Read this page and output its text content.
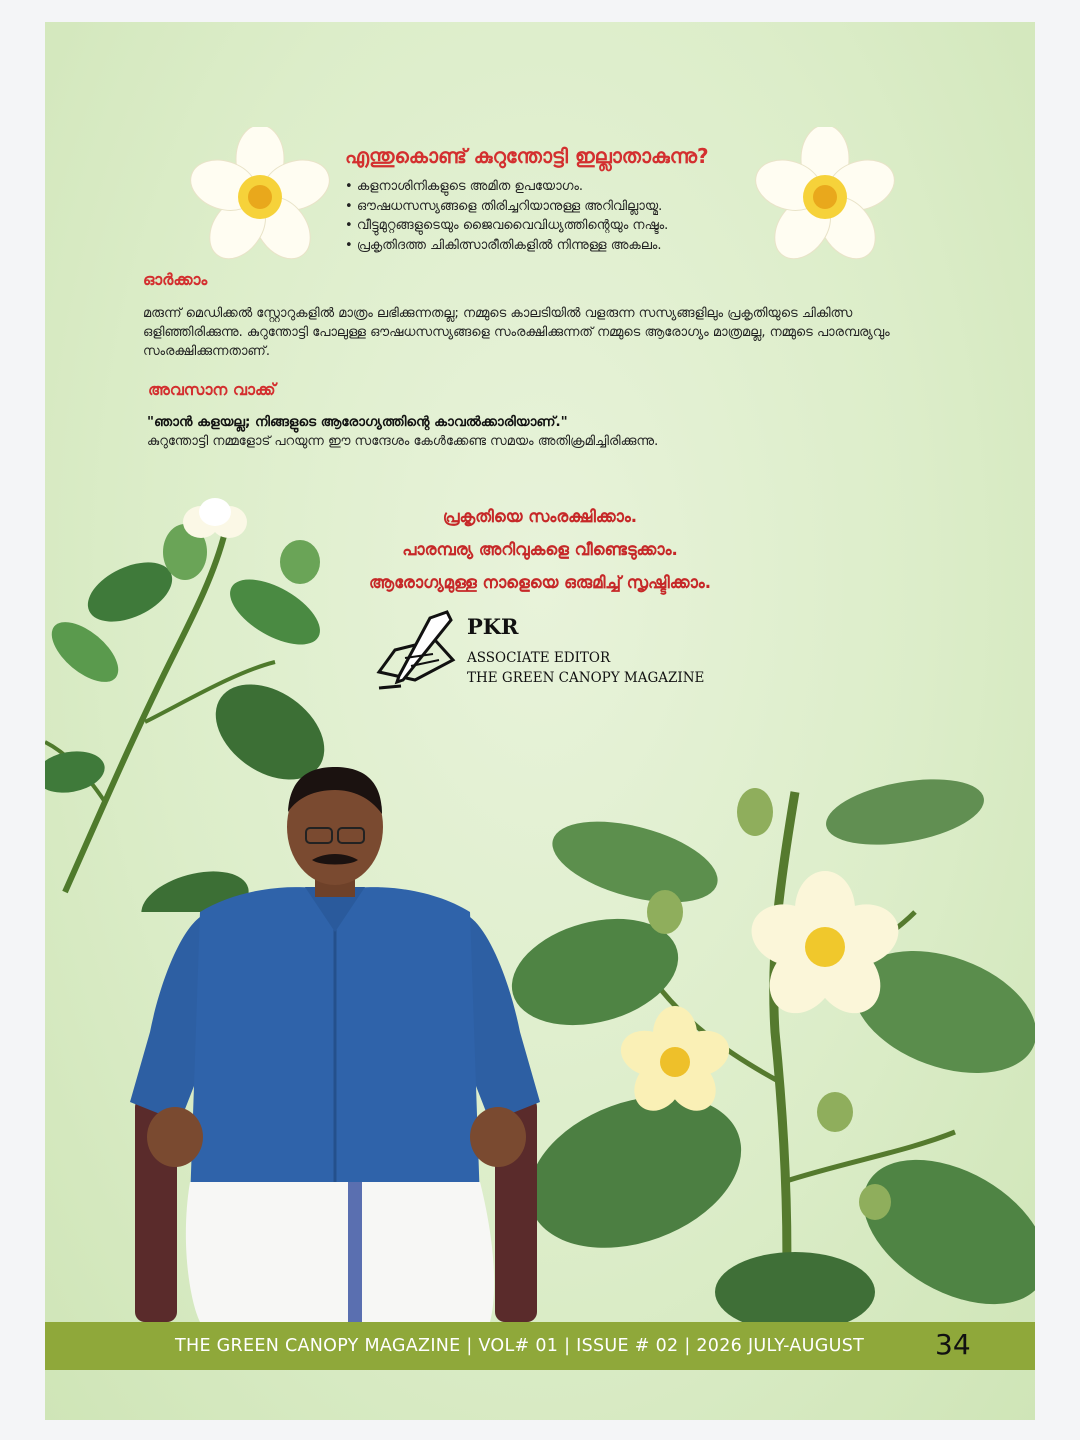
എന്തുകൊണ്ട് കുറുന്തോട്ടി ഇല്ലാതാകുന്നു?
• കളനാശിനികളുടെ അമിത ഉപയോഗം.
• ഔഷധസസ്യങ്ങളെ തിരിച്ചറിയാനുള്ള അറിവില്ലായ്മ.
• വീട്ടുമുറ്റങ്ങളുടെയും ജൈവവൈവിധ്യത്തിന്റെയും നഷ്ടം.
• പ്രകൃതിദത്ത ചികിത്സാരീതികളിൽ നിന്നുള്ള അകലം.
ഓർക്കാം
മരുന്ന് മെഡിക്കൽ സ്റ്റോറുകളിൽ മാത്രം ലഭിക്കുന്നതല്ല; നമ്മുടെ കാലടിയിൽ വളരുന്ന സസ്യങ്ങളിലും പ്രകൃതിയുടെ ചികിത്സ ഒളിഞ്ഞിരിക്കുന്നു. കുറുന്തോട്ടി പോലുള്ള ഔഷധസസ്യങ്ങളെ സംരക്ഷിക്കുന്നത് നമ്മുടെ ആരോഗ്യം മാത്രമല്ല, നമ്മുടെ പാരമ്പര്യവും സംരക്ഷിക്കുന്നതാണ്.
അവസാന വാക്ക്
"ഞാൻ കളയല്ല; നിങ്ങളുടെ ആരോഗ്യത്തിന്റെ കാവൽക്കാരിയാണ്."
കുറുന്തോട്ടി നമ്മളോട് പറയുന്ന ഈ സന്ദേശം കേൾക്കേണ്ട സമയം അതിക്രമിച്ചിരിക്കുന്നു.
പ്രകൃതിയെ സംരക്ഷിക്കാം.
പാരമ്പര്യ അറിവുകളെ വീണ്ടെടുക്കാം.
ആരോഗ്യമുള്ള നാളെയെ ഒരുമിച്ച് സൃഷ്ടിക്കാം.
PKR
ASSOCIATE EDITOR
THE GREEN CANOPY MAGAZINE
THE GREEN CANOPY MAGAZINE | VOL# 01 | ISSUE # 02 | 2026 JULY-AUGUST	34
